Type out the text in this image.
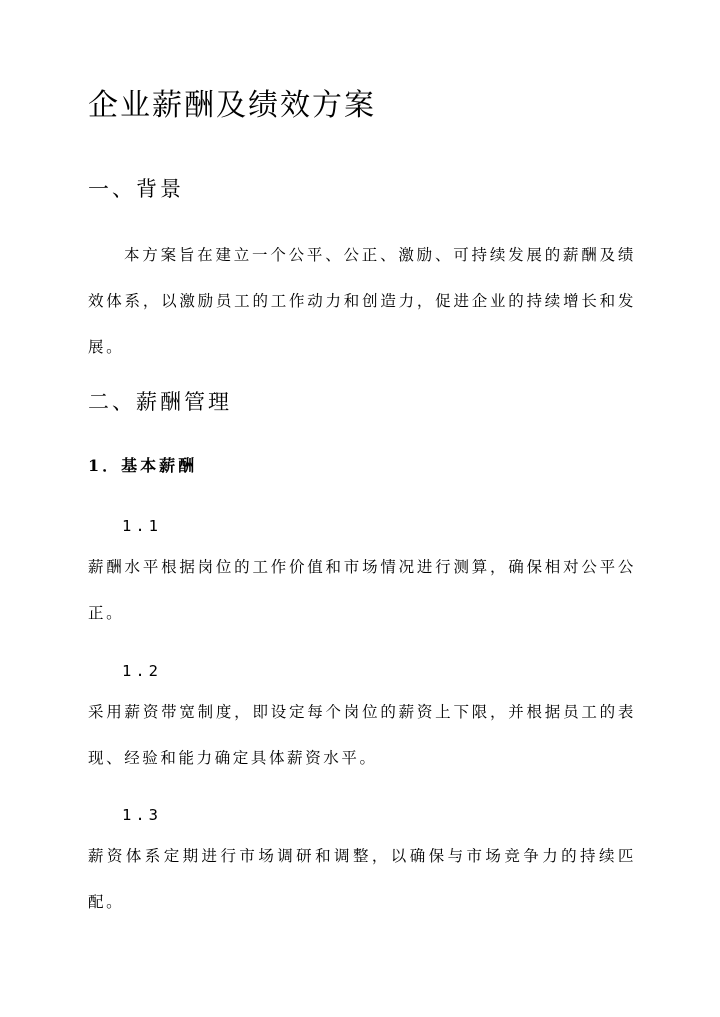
企业薪酬及绩效方案
一、背景

本方案旨在建立一个公平、公正、激励、可持续发展的薪酬及绩效体系，以激励员工的工作动力和创造力，促进企业的持续增长和发展。

二、薪酬管理
1．基本薪酬
1.1

薪酬水平根据岗位的工作价值和市场情况进行测算，确保相对公平公正。

1.2

采用薪资带宽制度，即设定每个岗位的薪资上下限，并根据员工的表现、经验和能力确定具体薪资水平。

1.3

薪资体系定期进行市场调研和调整，以确保与市场竞争力的持续匹配。
